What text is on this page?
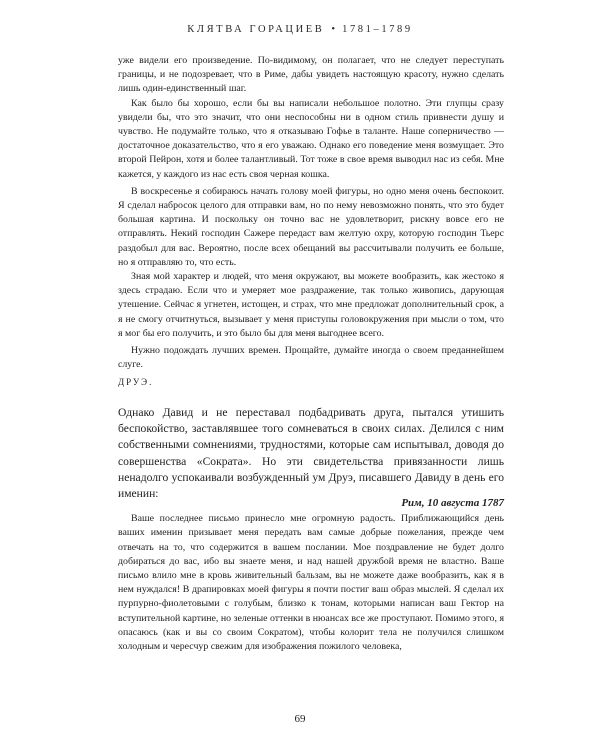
КЛЯТВА ГОРАЦИЕВ • 1781–1789

уже видели его произведение. По-видимому, он полагает, что не следует переступать границы, и не подозревает, что в Риме, дабы увидеть настоящую красоту, нужно сделать лишь один-единственный шаг.

Как было бы хорошо, если бы вы написали небольшое полотно. Эти глупцы сразу увидели бы, что это значит, что они неспособны ни в одном стиль привнести душу и чувство. Не подумайте только, что я отказываю Гофье в таланте. Наше соперничество — достаточное доказательство, что я его уважаю. Однако его поведение меня возмущает. Это второй Пейрон, хотя и более талантливый. Тот тоже в свое время выводил нас из себя. Мне кажется, у каждого из нас есть своя черная кошка.

В воскресенье я собираюсь начать голову моей фигуры, но одно меня очень беспокоит. Я сделал набросок целого для отправки вам, но по нему невозможно понять, что это будет большая картина. И поскольку он точно вас не удовлетворит, рискну вовсе его не отправлять. Некий господин Сажере передаст вам желтую охру, которую господин Тьерс раздобыл для вас. Вероятно, после всех обещаний вы рассчитывали получить ее больше, но я отправляю то, что есть.

Зная мой характер и людей, что меня окружают, вы можете вообразить, как жестоко я здесь страдаю. Если что и умеряет мое раздражение, так только живопись, дарующая утешение. Сейчас я угнетен, истощен, и страх, что мне предложат дополнительный срок, а я не смогу отчитнуться, вызывает у меня приступы головокружения при мысли о том, что я мог бы его получить, и это было бы для меня выгоднее всего.

Нужно подождать лучших времен. Прощайте, думайте иногда о своем преданнейшем слуге.

ДРУЭ.

Однако Давид и не переставал подбадривать друга, пытался утишить беспокойство, заставлявшее того сомневаться в своих силах. Делился с ним собственными сомнениями, трудностями, которые сам испытывал, доводя до совершенства «Сократа». Но эти свидетельства привязанности лишь ненадолго успокаивали возбужденный ум Друэ, писавшего Давиду в день его именин:

Рим, 10 августа 1787

Ваше последнее письмо принесло мне огромную радость. Приближающийся день ваших именин призывает меня передать вам самые добрые пожелания, прежде чем отвечать на то, что содержится в вашем послании. Мое поздравление не будет долго добираться до вас, ибо вы знаете меня, и над нашей дружбой время не властно. Ваше письмо влило мне в кровь живительный бальзам, вы не можете даже вообразить, как я в нем нуждался! В драпировках моей фигуры я почти постиг ваш образ мыслей. Я сделал их пурпурно-фиолетовыми с голубым, близко к тонам, которыми написан ваш Гектор на вступительной картине, но зеленые оттенки в нюансах все же проступают. Помимо этого, я опасаюсь (как и вы со своим Сократом), чтобы колорит тела не получился слишком холодным и чересчур свежим для изображения пожилого человека,

69
